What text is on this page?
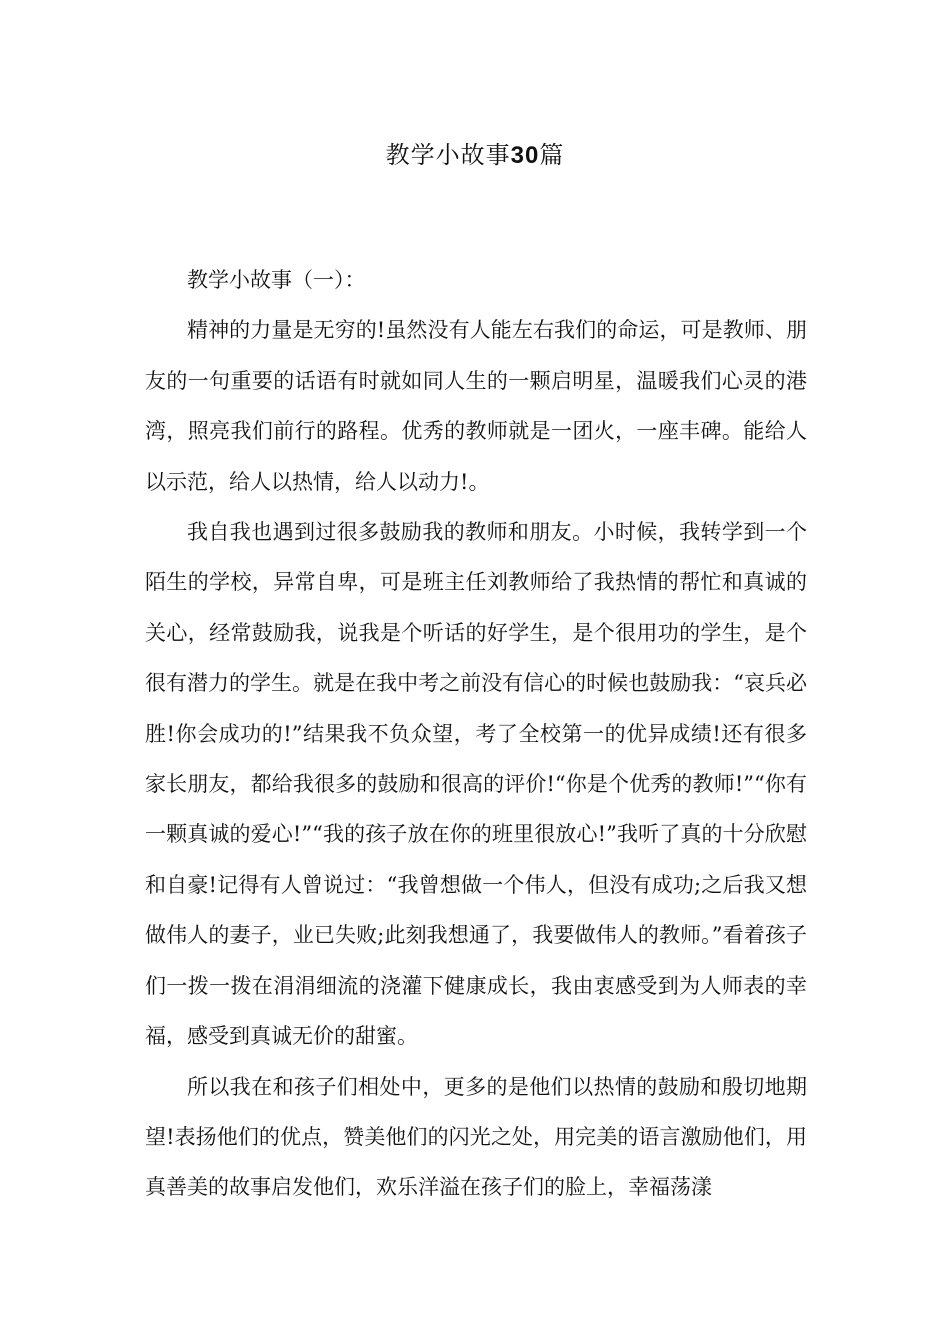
教学小故事30篇

教学小故事（一）：

精神的力量是无穷的!虽然没有人能左右我们的命运，可是教师、朋友的一句重要的话语有时就如同人生的一颗启明星，温暖我们心灵的港湾，照亮我们前行的路程。优秀的教师就是一团火，一座丰碑。能给人以示范，给人以热情，给人以动力!。

我自我也遇到过很多鼓励我的教师和朋友。小时候，我转学到一个陌生的学校，异常自卑，可是班主任刘教师给了我热情的帮忙和真诚的关心，经常鼓励我，说我是个听话的好学生，是个很用功的学生，是个很有潜力的学生。就是在我中考之前没有信心的时候也鼓励我：“哀兵必胜!你会成功的!”结果我不负众望，考了全校第一的优异成绩!还有很多家长朋友，都给我很多的鼓励和很高的评价!“你是个优秀的教师!”“你有一颗真诚的爱心!”“我的孩子放在你的班里很放心!”我听了真的十分欣慰和自豪!记得有人曾说过：“我曾想做一个伟人，但没有成功;之后我又想做伟人的妻子，业已失败;此刻我想通了，我要做伟人的教师。”看着孩子们一拨一拨在涓涓细流的浇灌下健康成长，我由衷感受到为人师表的幸福，感受到真诚无价的甜蜜。

所以我在和孩子们相处中，更多的是他们以热情的鼓励和殷切地期望!表扬他们的优点，赞美他们的闪光之处，用完美的语言激励他们，用真善美的故事启发他们，欢乐洋溢在孩子们的脸上，幸福荡漾
